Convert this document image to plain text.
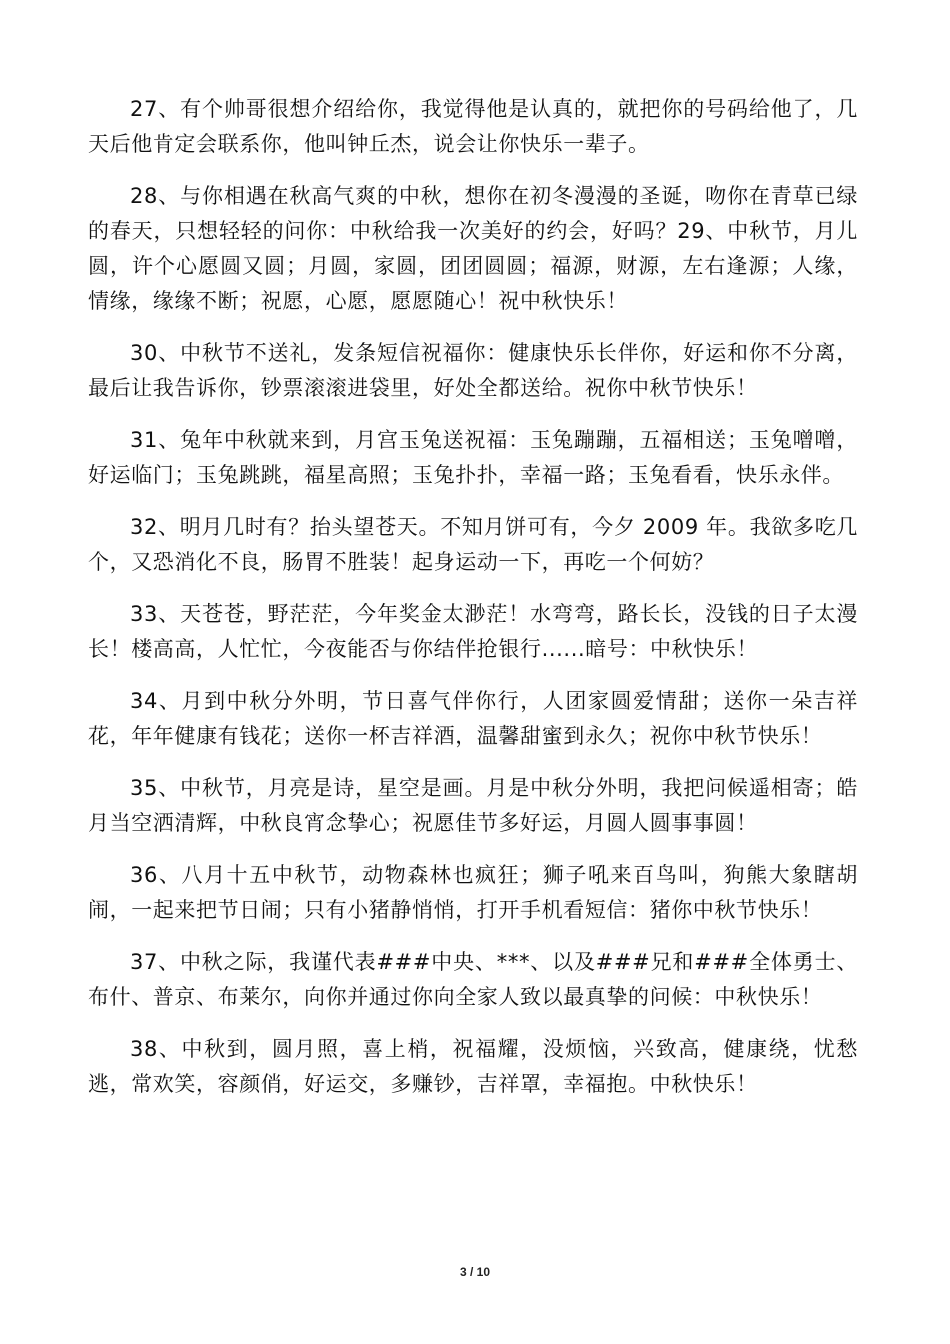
27、有个帅哥很想介绍给你，我觉得他是认真的，就把你的号码给他了，几天后他肯定会联系你，他叫钟丘杰，说会让你快乐一辈子。

28、与你相遇在秋高气爽的中秋，想你在初冬漫漫的圣诞，吻你在青草已绿的春天，只想轻轻的问你：中秋给我一次美好的约会，好吗？29、中秋节，月儿圆，许个心愿圆又圆；月圆，家圆，团团圆圆；福源，财源，左右逢源；人缘，情缘，缘缘不断；祝愿，心愿，愿愿随心！祝中秋快乐！

30、中秋节不送礼，发条短信祝福你：健康快乐长伴你，好运和你不分离，最后让我告诉你，钞票滚滚进袋里，好处全都送给。祝你中秋节快乐！

31、兔年中秋就来到，月宫玉兔送祝福：玉兔蹦蹦，五福相送；玉兔噌噌，好运临门；玉兔跳跳，福星高照；玉兔扑扑，幸福一路；玉兔看看，快乐永伴。

32、明月几时有？抬头望苍天。不知月饼可有，今夕 2009 年。我欲多吃几个，又恐消化不良，肠胃不胜装！起身运动一下，再吃一个何妨？

33、天苍苍，野茫茫，今年奖金太渺茫！水弯弯，路长长，没钱的日子太漫长！楼高高，人忙忙，今夜能否与你结伴抢银行......暗号：中秋快乐！

34、月到中秋分外明，节日喜气伴你行，人团家圆爱情甜；送你一朵吉祥花，年年健康有钱花；送你一杯吉祥酒，温馨甜蜜到永久；祝你中秋节快乐！

35、中秋节，月亮是诗，星空是画。月是中秋分外明，我把问候遥相寄；皓月当空洒清辉，中秋良宵念挚心；祝愿佳节多好运，月圆人圆事事圆！

36、八月十五中秋节，动物森林也疯狂；狮子吼来百鸟叫，狗熊大象瞎胡闹，一起来把节日闹；只有小猪静悄悄，打开手机看短信：猪你中秋节快乐！

37、中秋之际，我谨代表###中央、***、以及###兄和###全体勇士、布什、普京、布莱尔，向你并通过你向全家人致以最真挚的问候：中秋快乐！

38、中秋到，圆月照，喜上梢，祝福耀，没烦恼，兴致高，健康绕，忧愁逃，常欢笑，容颜俏，好运交，多赚钞，吉祥罩，幸福抱。中秋快乐！

3 / 10
